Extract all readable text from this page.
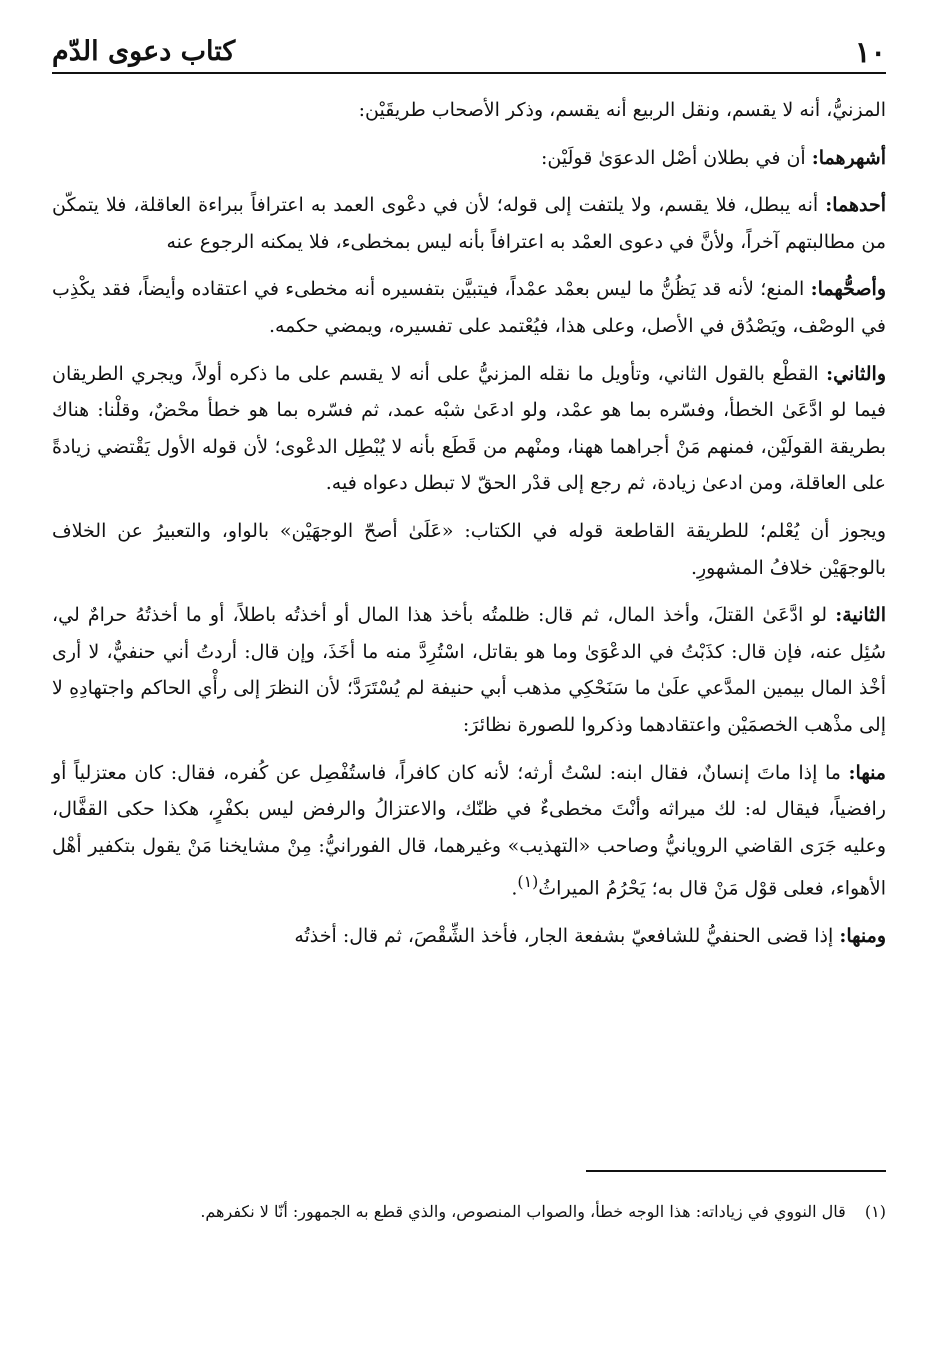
١٠
كتاب دعوى الدّم

المزنيُّ، أنه لا يقسم، ونقل الربيع أنه يقسم، وذكر الأصحاب طريقَيْن:

أشهرهما: أن في بطلان أصْل الدعوَىٰ قولَيْن:

أحدهما: أنه يبطل، فلا يقسم، ولا يلتفت إلى قوله؛ لأن في دعْوى العمد به اعترافاً ببراءة العاقلة، فلا يتمكّن من مطالبتهم آخراً، ولأنَّ في دعوى العمْد به اعترافاً بأنه ليس بمخطىء، فلا يمكنه الرجوع عنه

وأصحُّهما: المنع؛ لأنه قد يَظُنُّ ما ليس بعمْد عمْداً، فيتبيَّن بتفسيره أنه مخطىء في اعتقاده وأيضاً، فقد يكْذِب في الوصْف، ويَصْدُق في الأصل، وعلى هذا، فيُعْتمد على تفسيره، ويمضي حكمه.

والثاني: القطْع بالقول الثاني، وتأويل ما نقله المزنيُّ على أنه لا يقسم على ما ذكره أولاً، ويجري الطريقان فيما لو ادَّعَىٰ الخطأ، وفسّره بما هو عمْد، ولو ادعَىٰ شبْه عمد، ثم فسّره بما هو خطأ محْضٌ، وقلْنا: هناك بطريقة القولَيْن، فمنهم مَنْ أجراهما ههنا، ومنْهم من قَطَع بأنه لا يُبْطِل الدعْوى؛ لأن قوله الأول يَقْتضي زيادةً على العاقلة، ومن ادعىٰ زيادة، ثم رجع إلى قدْر الحقّ لا تبطل دعواه فيه.

ويجوز أن يُعْلم؛ للطريقة القاطعة قوله في الكتاب: «عَلَىٰ أصحّ الوجهَيْن» بالواو، والتعبيرُ عن الخلاف بالوجهَيْن خلافُ المشهورِ.

الثانية: لو ادَّعَىٰ القتلَ، وأخذ المال، ثم قال: ظلمتُه بأخذ هذا المال أو أخذتُه باطلاً، أو ما أخذتُهُ حرامٌ لي، سُئِل عنه، فإن قال: كذَبْتُ في الدعْوَىٰ وما هو بقاتل، اسْتُرِدَّ منه ما أخَذَ، وإن قال: أردتُ أني حنفيٌّ، لا أرى أخْذ المال بيمين المدَّعي علَىٰ ما سَنَحْكِي مذهب أبي حنيفة لم يُسْتَرَدَّ؛ لأن النظرَ إلى رأْي الحاكم واجتهادِهِ لا إلى مذْهب الخصمَيْن واعتقادهما وذكروا للصورة نظائرَ:

منها: ما إذا ماتَ إنسانٌ، فقال ابنه: لسْتُ أرثه؛ لأنه كان كافراً، فاستُفْصِل عن كُفره، فقال: كان معتزلياً أو رافضياً، فيقال له: لك ميراثه وأنْتَ مخطىءٌ في ظنّك، والاعتزالُ والرفض ليس بكفْرٍ، هكذا حكى القفَّال، وعليه جَرَى القاضي الرويانيُّ وصاحب «التهذيب» وغيرهما، قال الفورانيُّ: مِنْ مشايخنا مَنْ يقول بتكفير أهْل الأهواء، فعلى قوْل مَنْ قال به؛ يَحْرُمُ الميراثُ$^{(١)}$.

ومنها: إذا قضى الحنفيُّ للشافعيّ بشفعة الجار، فأخذ الشِّقْصَ، ثم قال: أخذتُه

(١) قال النووي في زياداته: هذا الوجه خطأ، والصواب المنصوص، والذي قطع به الجمهور: أنّا لا نكفرهم.
